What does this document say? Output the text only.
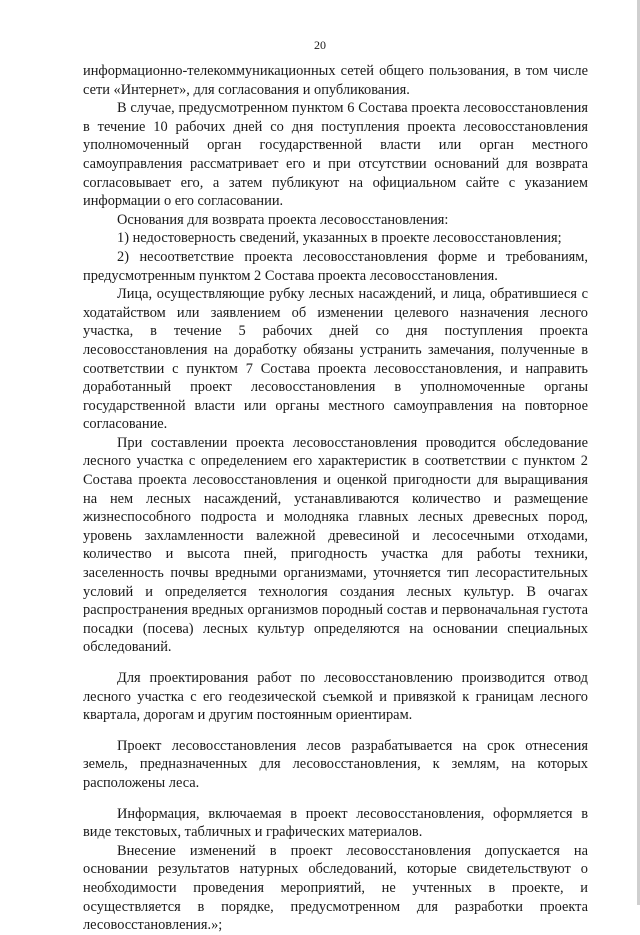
20

информационно-телекоммуникационных сетей общего пользования, в том числе сети «Интернет», для согласования и опубликования.

В случае, предусмотренном пунктом 6 Состава проекта лесовосстановления в течение 10 рабочих дней со дня поступления проекта лесовосстановления уполномоченный орган государственной власти или орган местного самоуправления рассматривает его и при отсутствии оснований для возврата согласовывает его, а затем публикуют на официальном сайте с указанием информации о его согласовании.

Основания для возврата проекта лесовосстановления:

1) недостоверность сведений, указанных в проекте лесовосстановления;

2) несоответствие проекта лесовосстановления форме и требованиям, предусмотренным пунктом 2 Состава проекта лесовосстановления.

Лица, осуществляющие рубку лесных насаждений, и лица, обратившиеся с ходатайством или заявлением об изменении целевого назначения лесного участка, в течение 5 рабочих дней со дня поступления проекта лесовосстановления на доработку обязаны устранить замечания, полученные в соответствии с пунктом 7 Состава проекта лесовосстановления, и направить доработанный проект лесовосстановления в уполномоченные органы государственной власти или органы местного самоуправления на повторное согласование.

При составлении проекта лесовосстановления проводится обследование лесного участка с определением его характеристик в соответствии с пунктом 2 Состава проекта лесовосстановления и оценкой пригодности для выращивания на нем лесных насаждений, устанавливаются количество и размещение жизнеспособного подроста и молодняка главных лесных древесных пород, уровень захламленности валежной древесиной и лесосечными отходами, количество и высота пней, пригодность участка для работы техники, заселенность почвы вредными организмами, уточняется тип лесорастительных условий и определяется технология создания лесных культур. В очагах распространения вредных организмов породный состав и первоначальная густота посадки (посева) лесных культур определяются на основании специальных обследований.

Для проектирования работ по лесовосстановлению производится отвод лесного участка с его геодезической съемкой и привязкой к границам лесного квартала, дорогам и другим постоянным ориентирам.

Проект лесовосстановления лесов разрабатывается на срок отнесения земель, предназначенных для лесовосстановления, к землям, на которых расположены леса.

Информация, включаемая в проект лесовосстановления, оформляется в виде текстовых, табличных и графических материалов.

Внесение изменений в проект лесовосстановления допускается на основании результатов натурных обследований, которые свидетельствуют о необходимости проведения мероприятий, не учтенных в проекте, и осуществляется в порядке, предусмотренном для разработки проекта лесовосстановления.»;
